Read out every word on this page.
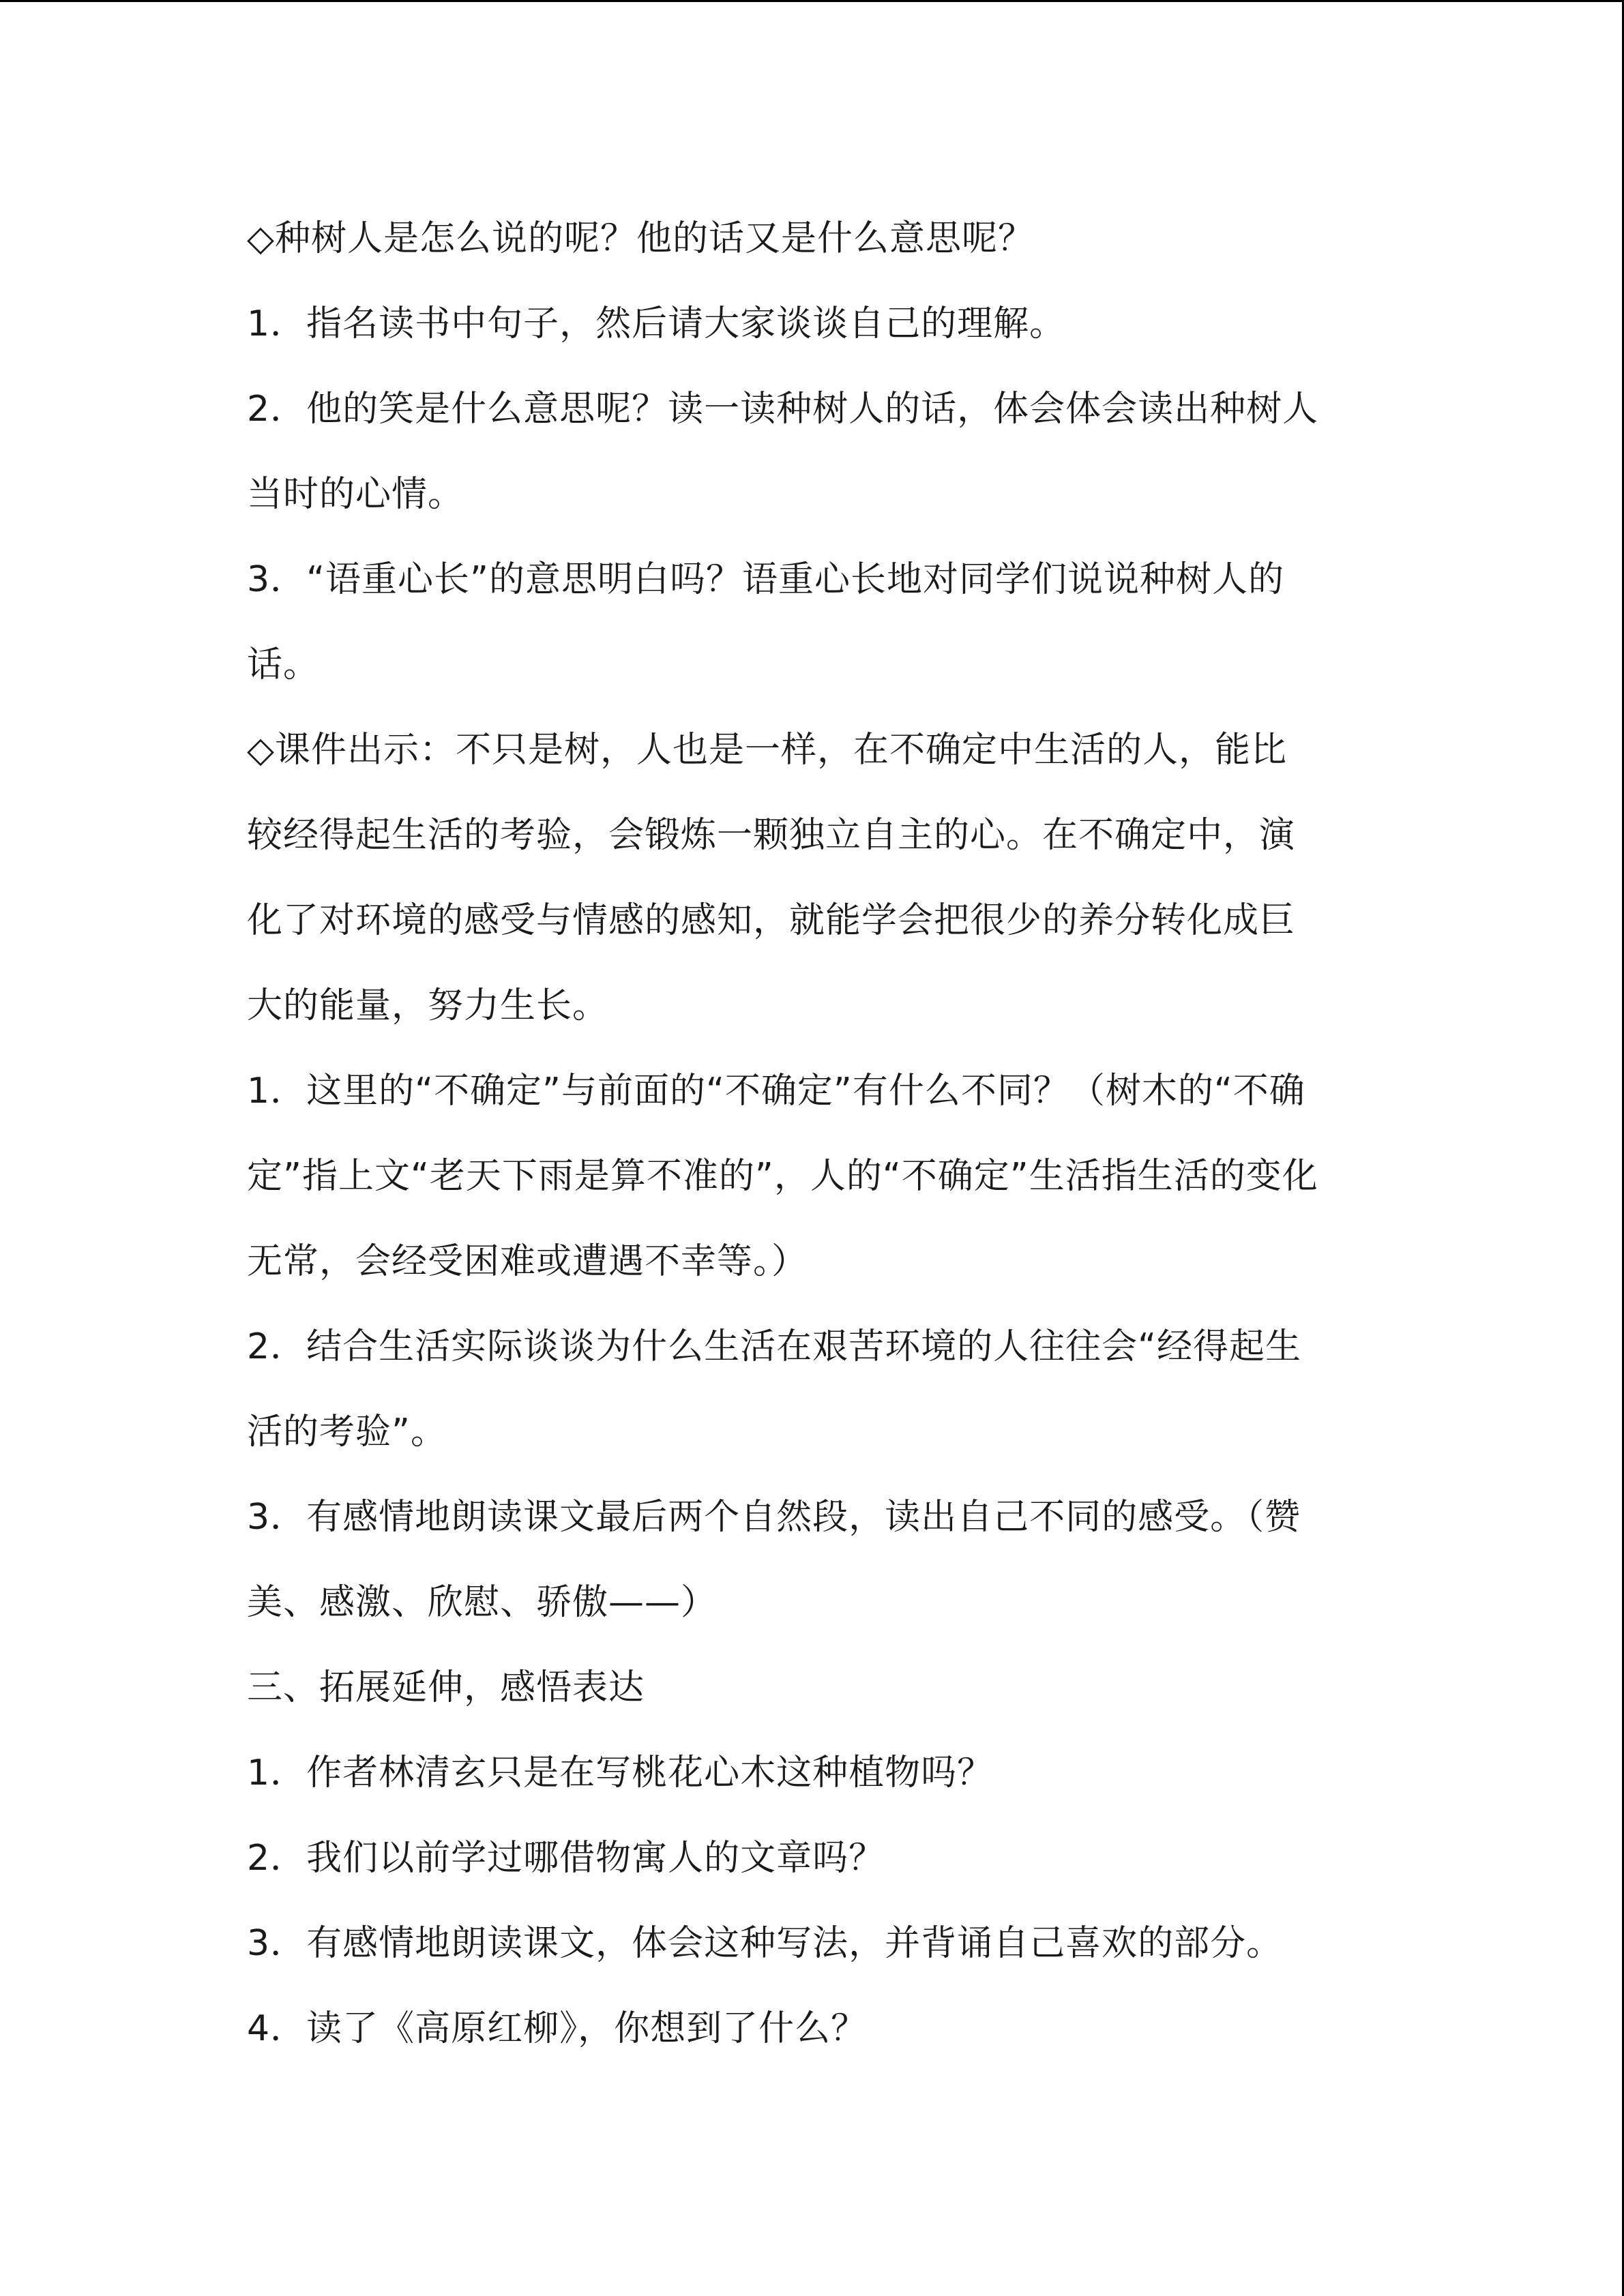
◇种树人是怎么说的呢？他的话又是什么意思呢？
1．指名读书中句子，然后请大家谈谈自己的理解。
2．他的笑是什么意思呢？读一读种树人的话，体会体会读出种树人
当时的心情。
3．“语重心长”的意思明白吗？语重心长地对同学们说说种树人的
话。
◇课件出示：不只是树，人也是一样，在不确定中生活的人，能比
较经得起生活的考验，会锻炼一颗独立自主的心。在不确定中，演
化了对环境的感受与情感的感知，就能学会把很少的养分转化成巨
大的能量，努力生长。
1．这里的“不确定”与前面的“不确定”有什么不同？（树木的“不确
定”指上文“老天下雨是算不准的”，人的“不确定”生活指生活的变化
无常，会经受困难或遭遇不幸等。）
2．结合生活实际谈谈为什么生活在艰苦环境的人往往会“经得起生
活的考验”。
3．有感情地朗读课文最后两个自然段，读出自己不同的感受。（赞
美、感激、欣慰、骄傲——）
三、拓展延伸，感悟表达
1．作者林清玄只是在写桃花心木这种植物吗？
2．我们以前学过哪借物寓人的文章吗？
3．有感情地朗读课文，体会这种写法，并背诵自己喜欢的部分。
4．读了《高原红柳》，你想到了什么？
